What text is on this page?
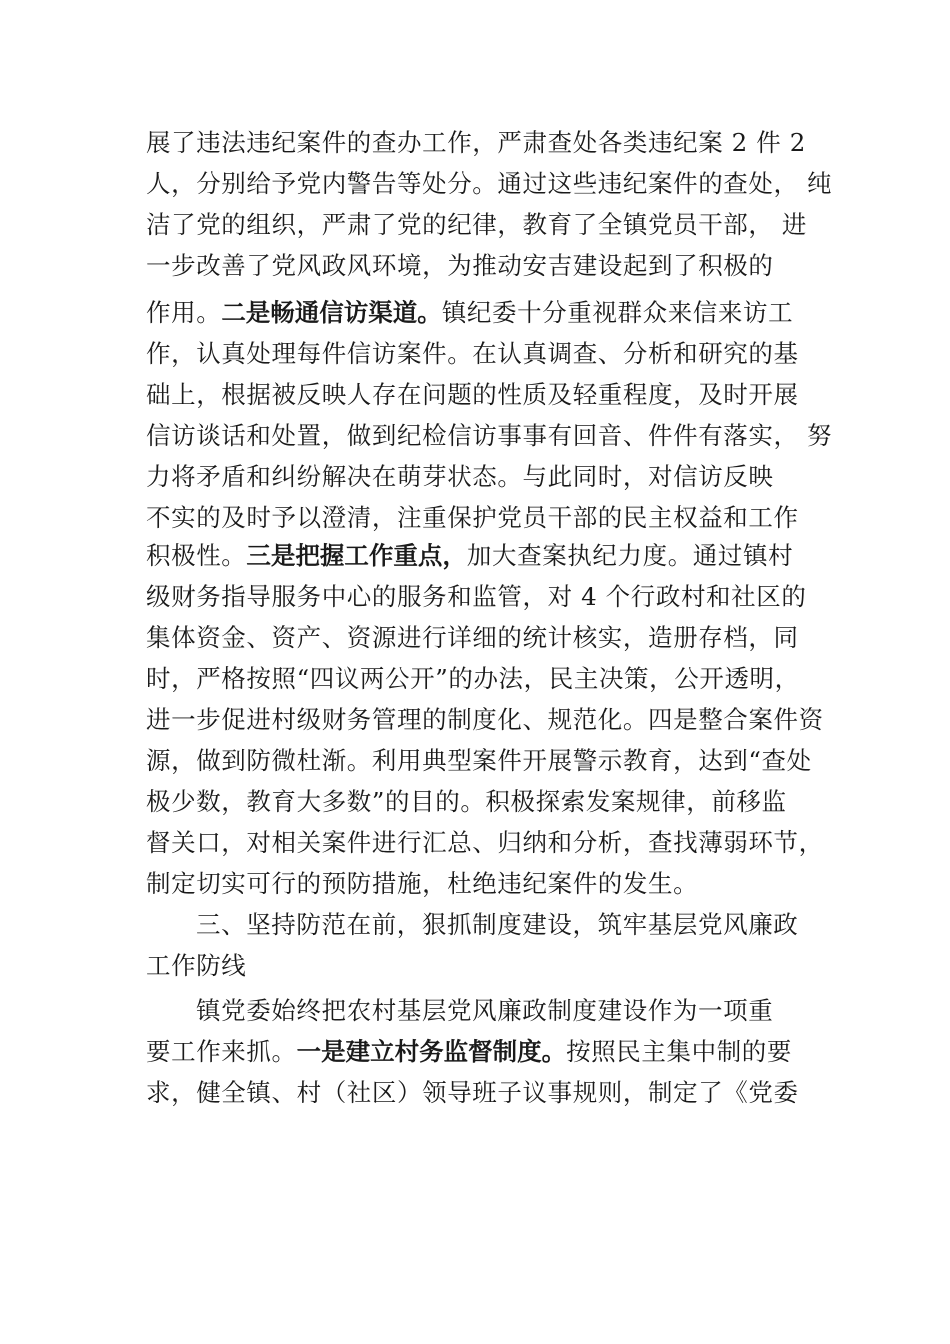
展了违法违纪案件的查办工作，严肃查处各类违纪案 2 件 2
人，分别给予党内警告等处分。通过这些违纪案件的查处， 纯
洁了党的组织，严肃了党的纪律，教育了全镇党员干部， 进
一步改善了党风政风环境，为推动安吉建设起到了积极的
作用。二是畅通信访渠道。镇纪委十分重视群众来信来访工
作，认真处理每件信访案件。在认真调查、分析和研究的基
础上，根据被反映人存在问题的性质及轻重程度，及时开展
信访谈话和处置，做到纪检信访事事有回音、件件有落实， 努
力将矛盾和纠纷解决在萌芽状态。与此同时，对信访反映
不实的及时予以澄清，注重保护党员干部的民主权益和工作
积极性。三是把握工作重点，加大查案执纪力度。通过镇村
级财务指导服务中心的服务和监管，对 4 个行政村和社区的
集体资金、资产、资源进行详细的统计核实，造册存档，同
时，严格按照“四议两公开”的办法，民主决策，公开透明，
进一步促进村级财务管理的制度化、规范化。四是整合案件资
源，做到防微杜渐。利用典型案件开展警示教育，达到“查处
极少数，教育大多数”的目的。积极探索发案规律，前移监
督关口，对相关案件进行汇总、归纳和分析，查找薄弱环节，
制定切实可行的预防措施，杜绝违纪案件的发生。
三、坚持防范在前，狠抓制度建设，筑牢基层党风廉政
工作防线
镇党委始终把农村基层党风廉政制度建设作为一项重
要工作来抓。一是建立村务监督制度。按照民主集中制的要
求，健全镇、村（社区）领导班子议事规则，制定了《党委
